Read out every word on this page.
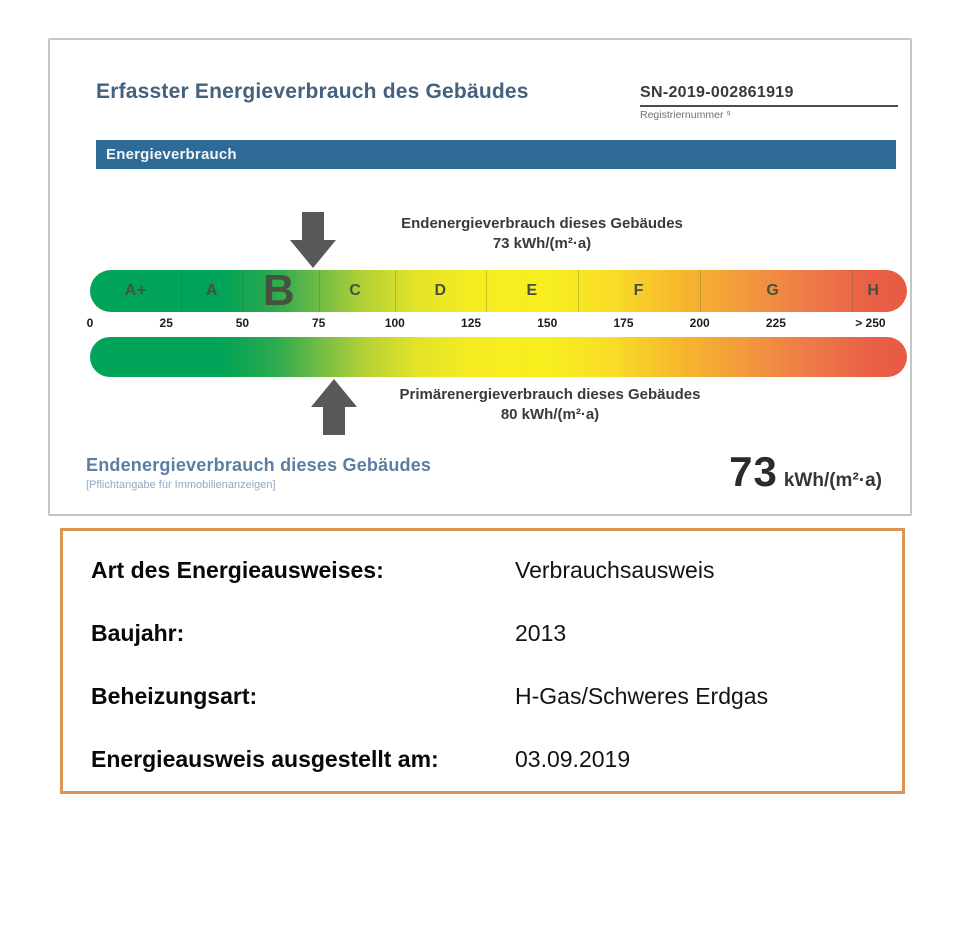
Erfasster Energieverbrauch des Gebäudes	SN-2019-002861919
Registriernummer ⁹
Energieverbrauch
A+	A B	C	D	E	F	G	H
0	25	50	75	100	125	150	175	200	225	> 250
Endenergieverbrauch dieses Gebäudes
73 kWh/(m²·a)
Primärenergieverbrauch dieses Gebäudes
80 kWh/(m²·a)
Endenergieverbrauch dieses Gebäudes
[Pflichtangabe für Immobilienanzeigen]	73 kWh/(m²·a)
Art des Energieausweises:	Verbrauchsausweis
Baujahr:	2013
Beheizungsart:	H-Gas/Schweres Erdgas
Energieausweis ausgestellt am:	03.09.2019
